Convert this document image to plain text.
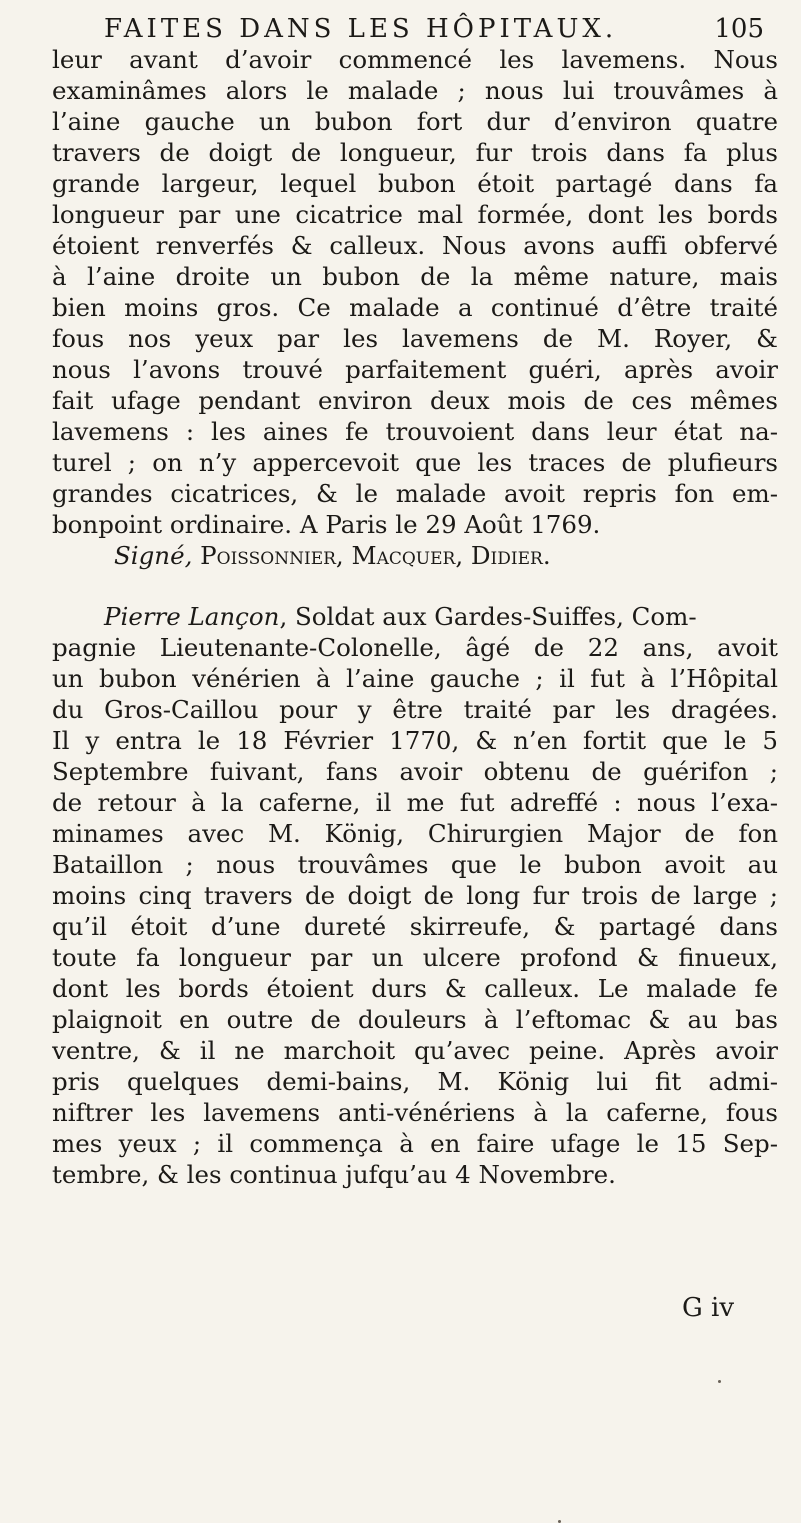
FAITES DANS LES HÔPITAUX.	105
leur avant d’avoir commencé les lavemens. Nous
examinâmes alors le malade ; nous lui trouvâmes à
l’aine gauche un bubon fort dur d’environ quatre
travers de doigt de longueur, fur trois dans fa plus
grande largeur, lequel bubon étoit partagé dans fa
longueur par une cicatrice mal formée, dont les bords
étoient renverfés & calleux. Nous avons auffi obfervé
à l’aine droite un bubon de la même nature, mais
bien moins gros. Ce malade a continué d’être traité
fous nos yeux par les lavemens de M. Royer, &
nous l’avons trouvé parfaitement guéri, après avoir
fait ufage pendant environ deux mois de ces mêmes
lavemens : les aines fe trouvoient dans leur état na-
turel ; on n’y appercevoit que les traces de plufieurs
grandes cicatrices, & le malade avoit repris fon em-
bonpoint ordinaire. A Paris le 29 Août 1769.
Signé, Poissonnier, Macquer, Didier.
Pierre Lançon, Soldat aux Gardes-Suiffes, Com-
pagnie Lieutenante-Colonelle, âgé de 22 ans, avoit
un bubon vénérien à l’aine gauche ; il fut à l’Hôpital
du Gros-Caillou pour y être traité par les dragées.
Il y entra le 18 Février 1770, & n’en fortit que le 5
Septembre fuivant, fans avoir obtenu de guérifon ;
de retour à la caferne, il me fut adreffé : nous l’exa-
minames avec M. König, Chirurgien Major de fon
Bataillon ; nous trouvâmes que le bubon avoit au
moins cinq travers de doigt de long fur trois de large ;
qu’il étoit d’une dureté skirreufe, & partagé dans
toute fa longueur par un ulcere profond & finueux,
dont les bords étoient durs & calleux. Le malade fe
plaignoit en outre de douleurs à l’eftomac & au bas
ventre, & il ne marchoit qu’avec peine. Après avoir
pris quelques demi-bains, M. König lui fit admi-
niftrer les lavemens anti-vénériens à la caferne, fous
mes yeux ; il commença à en faire ufage le 15 Sep-
tembre, & les continua jufqu’au 4 Novembre.
G iv
